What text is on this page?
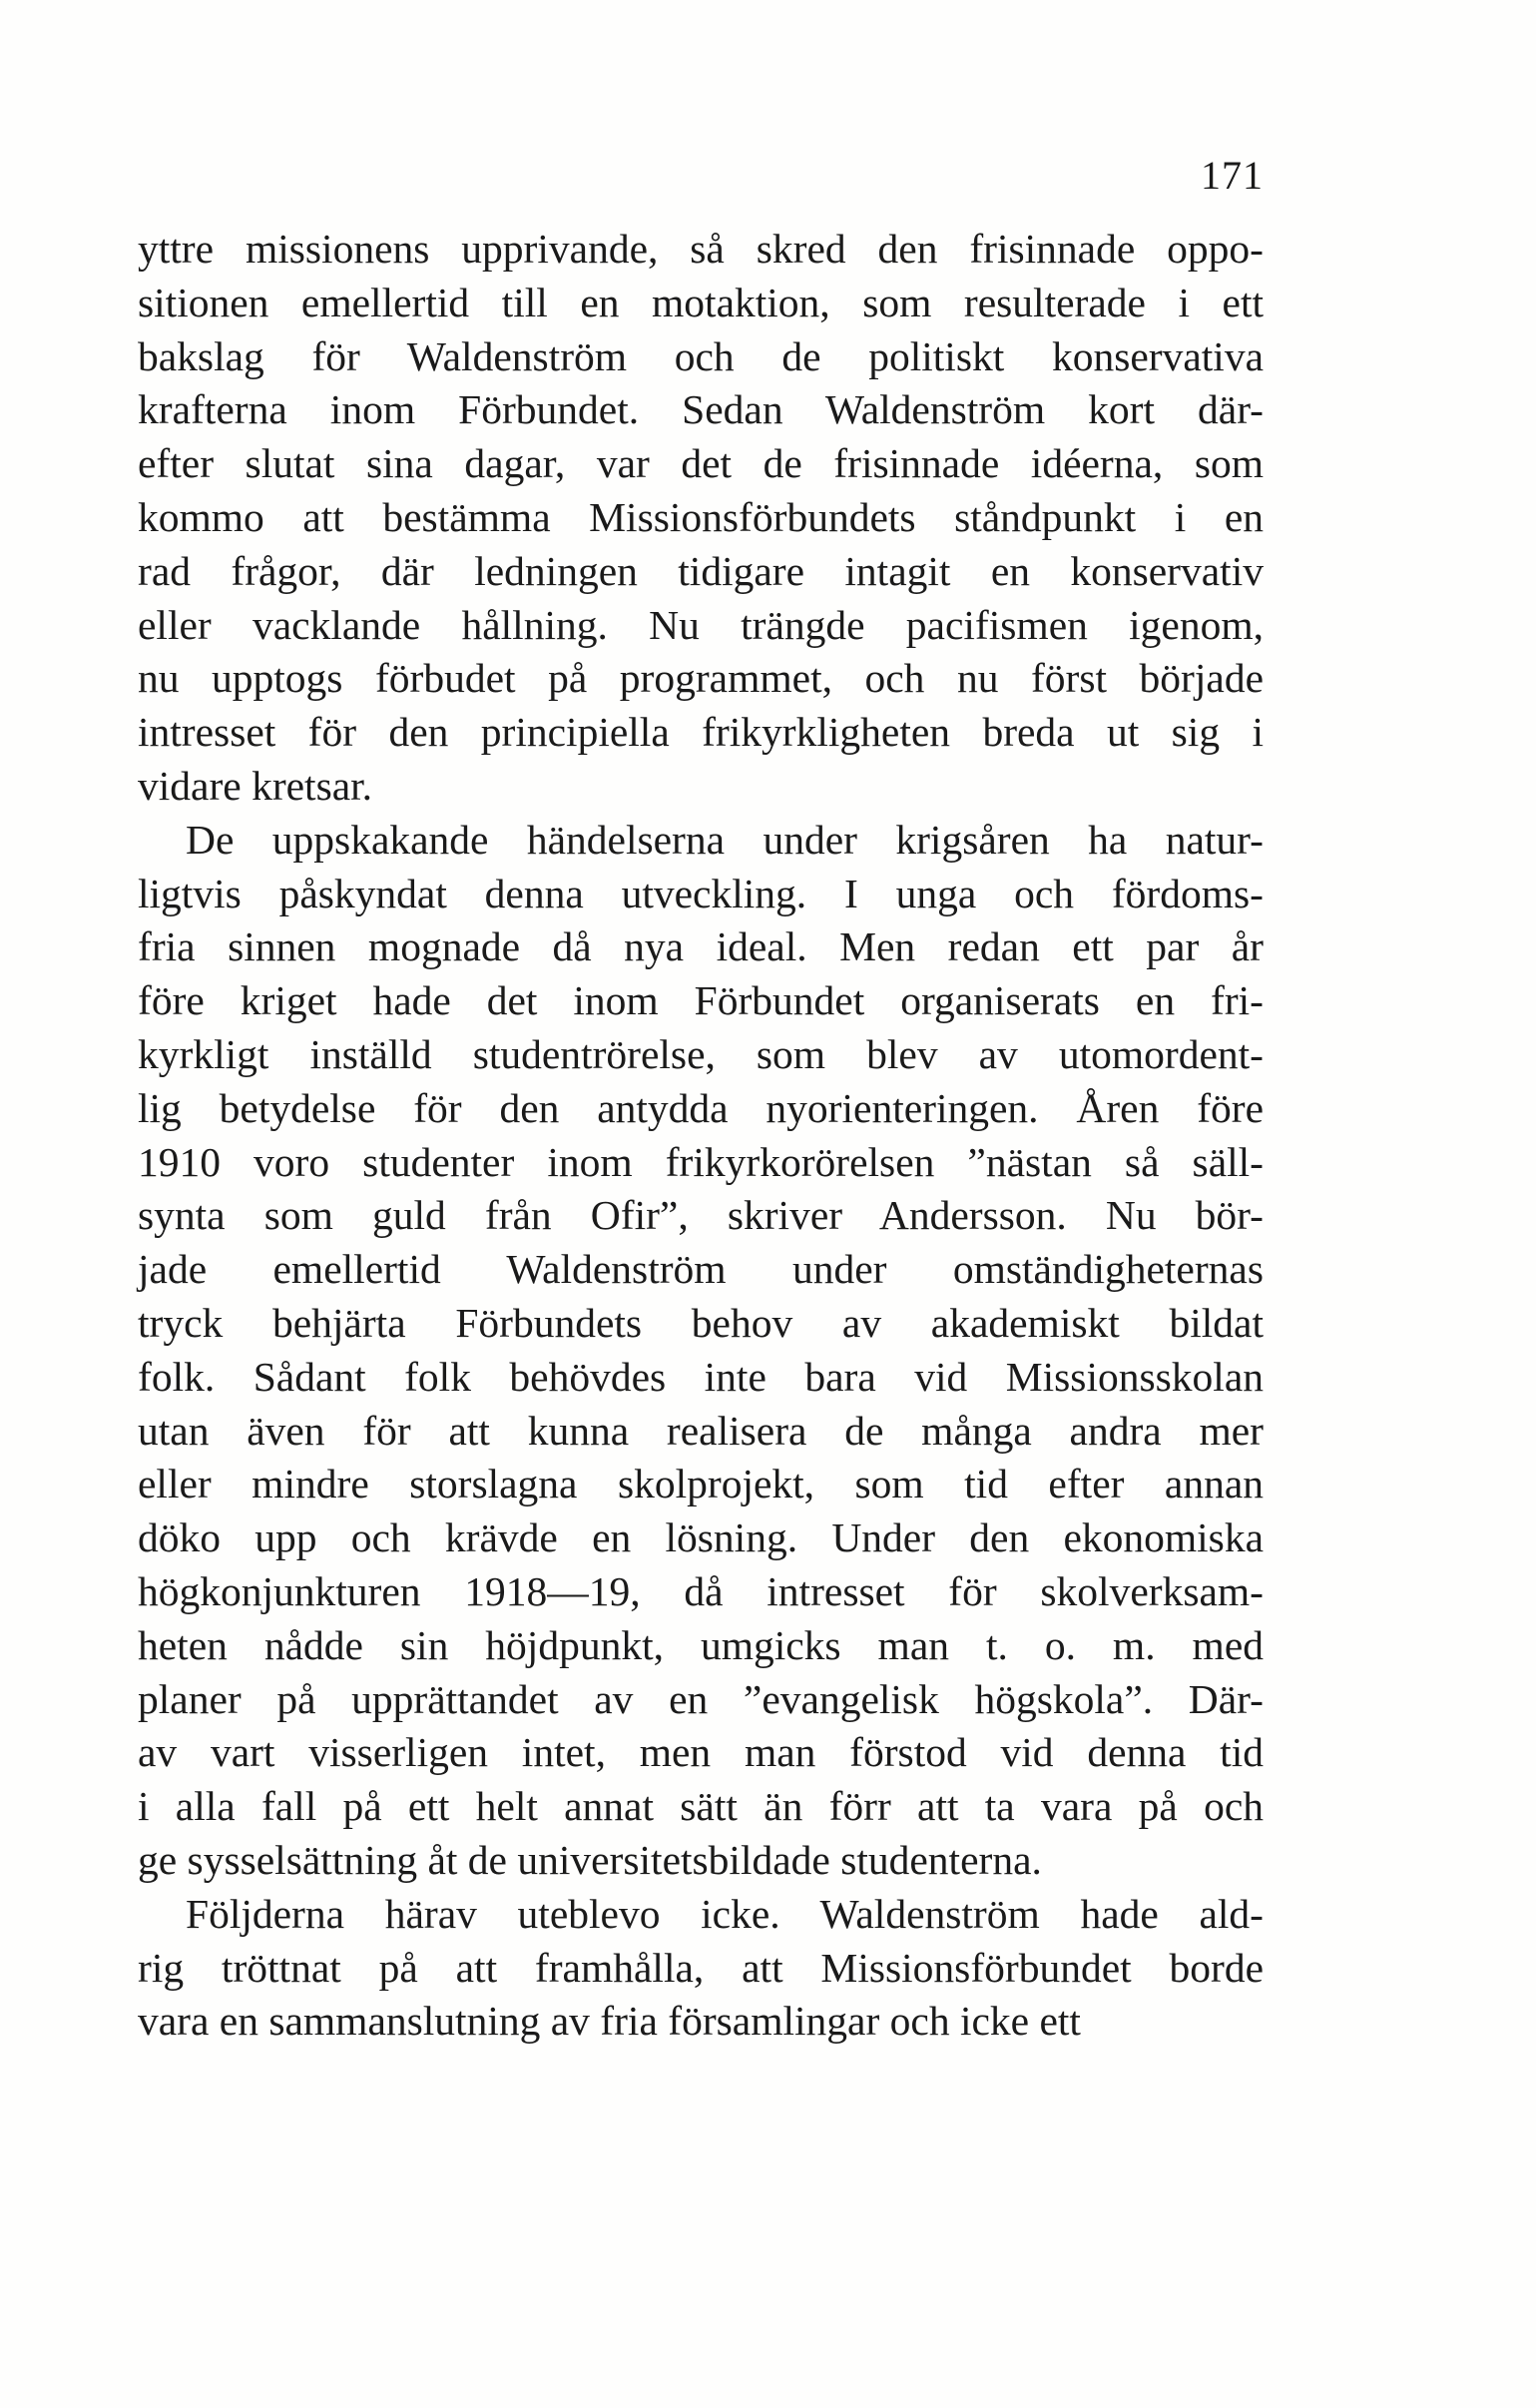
171
yttre missionens upprivande, så skred den frisinnade oppo-
sitionen emellertid till en motaktion, som resulterade i ett
bakslag för Waldenström och de politiskt konservativa
krafterna inom Förbundet. Sedan Waldenström kort där-
efter slutat sina dagar, var det de frisinnade idéerna, som
kommo att bestämma Missionsförbundets ståndpunkt i en
rad frågor, där ledningen tidigare intagit en konservativ
eller vacklande hållning. Nu trängde pacifismen igenom,
nu upptogs förbudet på programmet, och nu först började
intresset för den principiella frikyrkligheten breda ut sig i
vidare kretsar.
De uppskakande händelserna under krigsåren ha natur-
ligtvis påskyndat denna utveckling. I unga och fördoms-
fria sinnen mognade då nya ideal. Men redan ett par år
före kriget hade det inom Förbundet organiserats en fri-
kyrkligt inställd studentrörelse, som blev av utomordent-
lig betydelse för den antydda nyorienteringen. Åren före
1910 voro studenter inom frikyrkorörelsen ”nästan så säll-
synta som guld från Ofir”, skriver Andersson. Nu bör-
jade emellertid Waldenström under omständigheternas
tryck behjärta Förbundets behov av akademiskt bildat
folk. Sådant folk behövdes inte bara vid Missionsskolan
utan även för att kunna realisera de många andra mer
eller mindre storslagna skolprojekt, som tid efter annan
döko upp och krävde en lösning. Under den ekonomiska
högkonjunkturen 1918—19, då intresset för skolverksam-
heten nådde sin höjdpunkt, umgicks man t. o. m. med
planer på upprättandet av en ”evangelisk högskola”. Där-
av vart visserligen intet, men man förstod vid denna tid
i alla fall på ett helt annat sätt än förr att ta vara på och
ge sysselsättning åt de universitetsbildade studenterna.
Följderna härav uteblevo icke. Waldenström hade ald-
rig tröttnat på att framhålla, att Missionsförbundet borde
vara en sammanslutning av fria församlingar och icke ett
